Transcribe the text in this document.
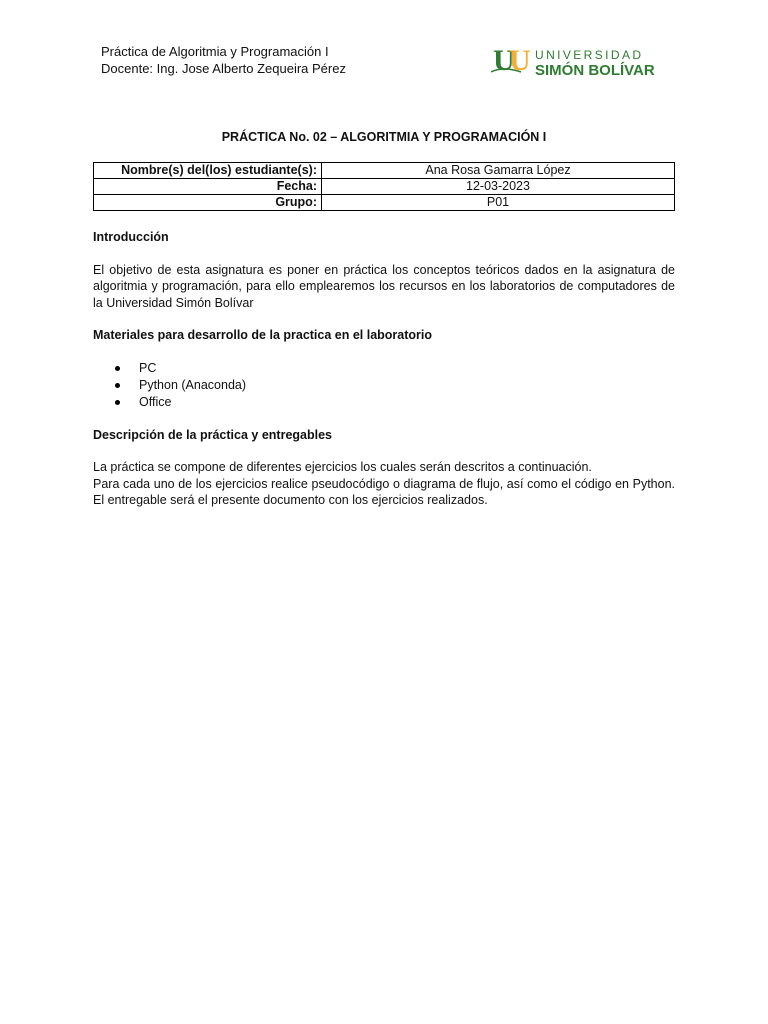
Práctica de Algoritmia y Programación I
Docente: Ing. Jose Alberto Zequeira Pérez	U
U UNIVERSIDAD
SIMÓN BOLÍVAR
PRÁCTICA No. 02 – ALGORITMIA Y PROGRAMACIÓN I
Nombre(s) del(los) estudiante(s):	Ana Rosa Gamarra López
Fecha:	12-03-2023
Grupo:	P01

Introducción

El objetivo de esta asignatura es poner en práctica los conceptos teóricos dados en la asignatura de algoritmia y programación, para ello emplearemos los recursos en los laboratorios de computadores de la Universidad Simón Bolívar

Materiales para desarrollo de la practica en el laboratorio

PC
Python (Anaconda)
Office

Descripción de la práctica y entregables

La práctica se compone de diferentes ejercicios los cuales serán descritos a continuación.

Para cada uno de los ejercicios realice pseudocódigo o diagrama de flujo, así como el código en Python. El entregable será el presente documento con los ejercicios realizados.
